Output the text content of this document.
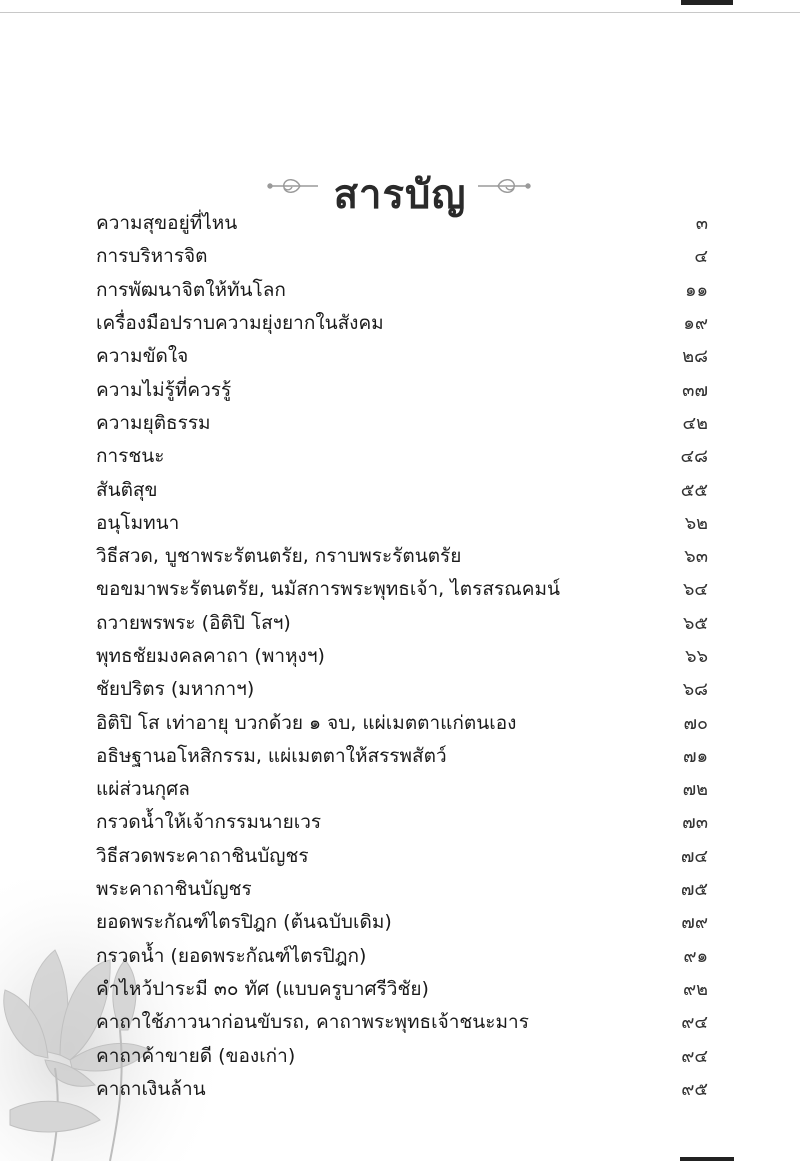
สารบัญ
ความสุขอยู่ที่ไหน	๓
การบริหารจิต	๔
การพัฒนาจิตให้ทันโลก	๑๑
เครื่องมือปราบความยุ่งยากในสังคม	๑๙
ความขัดใจ	๒๘
ความไม่รู้ที่ควรรู้	๓๗
ความยุติธรรม	๔๒
การชนะ	๔๘
สันติสุข	๕๕
อนุโมทนา	๖๒
วิธีสวด, บูชาพระรัตนตรัย, กราบพระรัตนตรัย	๖๓
ขอขมาพระรัตนตรัย, นมัสการพระพุทธเจ้า, ไตรสรณคมน์	๖๔
ถวายพรพระ (อิติปิ โสฯ)	๖๕
พุทธชัยมงคลคาถา (พาหุงฯ)	๖๖
ชัยปริตร (มหากาฯ)	๖๘
อิติปิ โส เท่าอายุ บวกด้วย ๑ จบ, แผ่เมตตาแก่ตนเอง	๗๐
อธิษฐานอโหสิกรรม, แผ่เมตตาให้สรรพสัตว์	๗๑
แผ่ส่วนกุศล	๗๒
กรวดน้ำให้เจ้ากรรมนายเวร	๗๓
วิธีสวดพระคาถาชินบัญชร	๗๔
พระคาถาชินบัญชร	๗๕
ยอดพระกัณฑ์ไตรปิฎก (ต้นฉบับเดิม)	๗๙
กรวดน้ำ (ยอดพระกัณฑ์ไตรปิฎก)	๙๑
คำไหว้ปาระมี ๓๐ ทัศ (แบบครูบาศรีวิชัย)	๙๒
คาถาใช้ภาวนาก่อนขับรถ, คาถาพระพุทธเจ้าชนะมาร	๙๔
คาถาค้าขายดี (ของเก่า)	๙๔
คาถาเงินล้าน	๙๕
